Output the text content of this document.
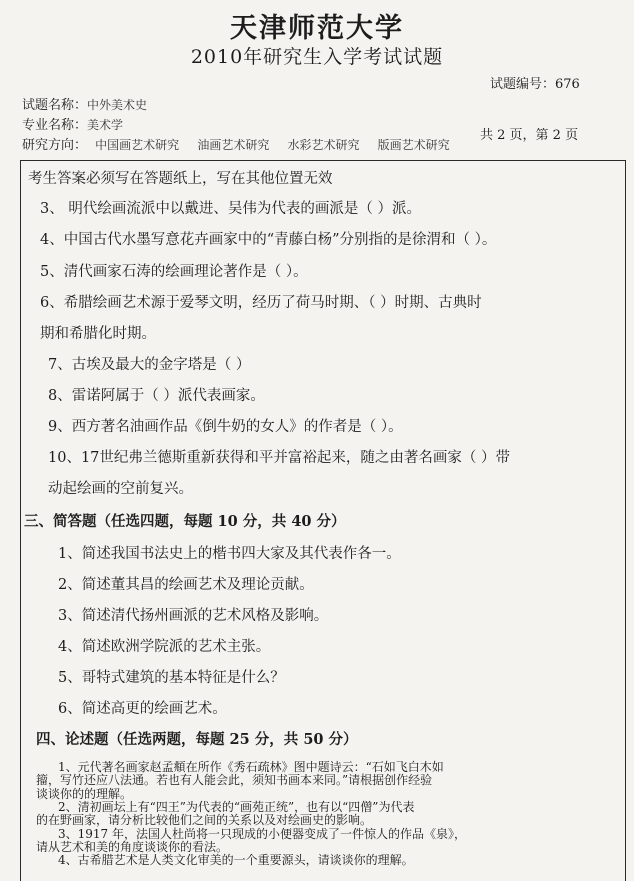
天津师范大学
2010年研究生入学考试试题
试题编号：676
试题名称：中外美术史
专业名称：美术学
研究方向： 中国画艺术研究 油画艺术研究 水彩艺术研究 版画艺术研究
共 2 页，第 2 页
考生答案必须写在答题纸上，写在其他位置无效
3、 明代绘画流派中以戴进、吴伟为代表的画派是（ ）派。
4、中国古代水墨写意花卉画家中的“青藤白杨”分别指的是徐渭和（ ）。
5、清代画家石涛的绘画理论著作是（ ）。
6、希腊绘画艺术源于爱琴文明，经历了荷马时期、（ ）时期、古典时
期和希腊化时期。
7、古埃及最大的金字塔是（ ）
8、雷诺阿属于（ ）派代表画家。
9、西方著名油画作品《倒牛奶的女人》的作者是（ ）。
10、17世纪弗兰德斯重新获得和平并富裕起来，随之由著名画家（ ）带
动起绘画的空前复兴。
三、简答题（任选四题，每题 10 分，共 40 分）
1、简述我国书法史上的楷书四大家及其代表作各一。
2、简述董其昌的绘画艺术及理论贡献。
3、简述清代扬州画派的艺术风格及影响。
4、简述欧洲学院派的艺术主张。
5、哥特式建筑的基本特征是什么？
6、简述高更的绘画艺术。
四、论述题（任选两题，每题 25 分，共 50 分）
1、元代著名画家赵孟頫在所作《秀石疏林》图中题诗云：“石如飞白木如
籀，写竹还应八法通。若也有人能会此，须知书画本来同。”请根据创作经验
谈谈你的的理解。
2、清初画坛上有“四王”为代表的“画苑正统”，也有以“四僧”为代表
的在野画家，请分析比较他们之间的关系以及对绘画史的影响。
3、1917 年，法国人杜尚将一只现成的小便器变成了一件惊人的作品《泉》，
请从艺术和美的角度谈谈你的看法。
4、古希腊艺术是人类文化审美的一个重要源头，请谈谈你的理解。
